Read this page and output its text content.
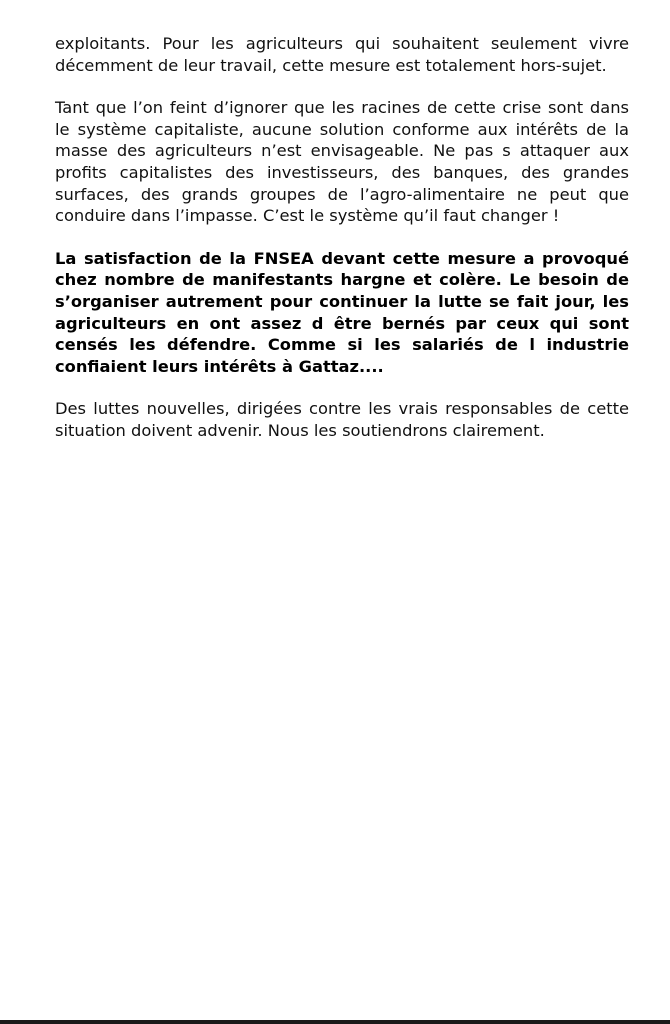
exploitants. Pour les agriculteurs qui souhaitent seulement vivre décemment de leur travail, cette mesure est totalement hors-sujet.

Tant que l’on feint d’ignorer que les racines de cette crise sont dans le système capitaliste, aucune solution conforme aux intérêts de la masse des agriculteurs n’est envisageable. Ne pas s attaquer aux profits capitalistes des investisseurs, des banques, des grandes surfaces, des grands groupes de l’agro-alimentaire ne peut que conduire dans l’impasse. C’est le système qu’il faut changer !

La satisfaction de la FNSEA devant cette mesure a provoqué chez nombre de manifestants hargne et colère. Le besoin de s’organiser autrement pour continuer la lutte se fait jour, les agriculteurs en ont assez d être bernés par ceux qui sont censés les défendre. Comme si les salariés de l industrie confiaient leurs intérêts à Gattaz....

Des luttes nouvelles, dirigées contre les vrais responsables de cette situation doivent advenir. Nous les soutiendrons clairement.
